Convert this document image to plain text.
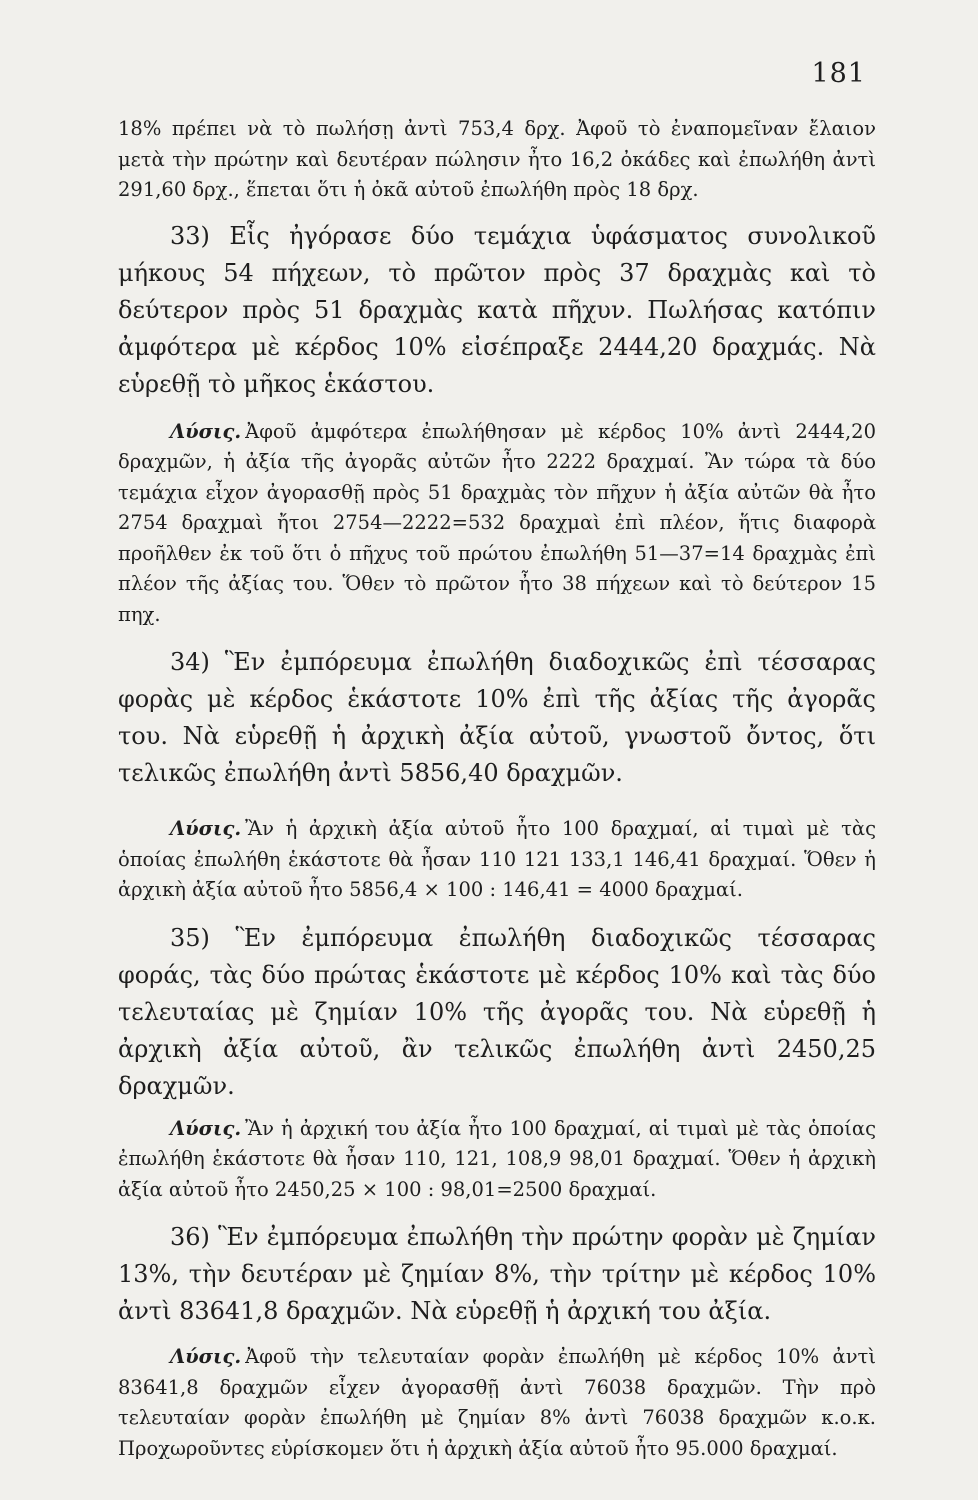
181

18% πρέπει νὰ τὸ πωλήσῃ ἀντὶ 753,4 δρχ. Ἀφοῦ τὸ ἐναπομεῖναν ἔλαιον μετὰ τὴν πρώτην καὶ δευτέραν πώλησιν ἦτο 16,2 ὀκάδες καὶ ἐπωλήθη ἀντὶ 291,60 δρχ., ἕπεται ὅτι ἡ ὀκᾶ αὐτοῦ ἐπωλήθη πρὸς 18 δρχ.

33) Εἷς ἠγόρασε δύο τεμάχια ὑφάσματος συνολικοῦ μήκους 54 πήχεων, τὸ πρῶτον πρὸς 37 δραχμὰς καὶ τὸ δεύτερον πρὸς 51 δραχμὰς κατὰ πῆχυν. Πωλήσας κατόπιν ἀμφότερα μὲ κέρδος 10% εἰσέπραξε 2444,20 δραχμάς. Νὰ εὑρεθῇ τὸ μῆκος ἑκάστου.

Λύσις. Ἀφοῦ ἀμφότερα ἐπωλήθησαν μὲ κέρδος 10% ἀντὶ 2444,20 δραχμῶν, ἡ ἀξία τῆς ἀγορᾶς αὐτῶν ἦτο 2222 δραχμαί. Ἂν τώρα τὰ δύο τεμάχια εἶχον ἀγορασθῇ πρὸς 51 δραχμὰς τὸν πῆχυν ἡ ἀξία αὐτῶν θὰ ἦτο 2754 δραχμαὶ ἤτοι 2754—2222=532 δραχμαὶ ἐπὶ πλέον, ἥτις διαφορὰ προῆλθεν ἐκ τοῦ ὅτι ὁ πῆχυς τοῦ πρώτου ἐπωλήθη 51—37=14 δραχμὰς ἐπὶ πλέον τῆς ἀξίας του. Ὅθεν τὸ πρῶτον ἦτο 38 πήχεων καὶ τὸ δεύτερον 15 πηχ.

34) Ἓν ἐμπόρευμα ἐπωλήθη διαδοχικῶς ἐπὶ τέσσαρας φορὰς μὲ κέρδος ἑκάστοτε 10% ἐπὶ τῆς ἀξίας τῆς ἀγορᾶς του. Νὰ εὑρεθῇ ἡ ἀρχικὴ ἀξία αὐτοῦ, γνωστοῦ ὄντος, ὅτι τελικῶς ἐπωλήθη ἀντὶ 5856,40 δραχμῶν.

Λύσις. Ἂν ἡ ἀρχικὴ ἀξία αὐτοῦ ἦτο 100 δραχμαί, αἱ τιμαὶ μὲ τὰς ὁποίας ἐπωλήθη ἑκάστοτε θὰ ἦσαν 110 121 133,1 146,41 δραχμαί. Ὅθεν ἡ ἀρχικὴ ἀξία αὐτοῦ ἦτο 5856,4 × 100 : 146,41 = 4000 δραχμαί.

35) Ἓν ἐμπόρευμα ἐπωλήθη διαδοχικῶς τέσσαρας φοράς, τὰς δύο πρώτας ἑκάστοτε μὲ κέρδος 10% καὶ τὰς δύο τελευταίας μὲ ζημίαν 10% τῆς ἀγορᾶς του. Νὰ εὑρεθῇ ἡ ἀρχικὴ ἀξία αὐτοῦ, ἂν τελικῶς ἐπωλήθη ἀντὶ 2450,25 δραχμῶν.

Λύσις. Ἂν ἡ ἀρχική του ἀξία ἦτο 100 δραχμαί, αἱ τιμαὶ μὲ τὰς ὁποίας ἐπωλήθη ἑκάστοτε θὰ ἦσαν 110, 121, 108,9 98,01 δραχμαί. Ὅθεν ἡ ἀρχικὴ ἀξία αὐτοῦ ἦτο 2450,25 × 100 : 98,01=2500 δραχμαί.

36) Ἓν ἐμπόρευμα ἐπωλήθη τὴν πρώτην φορὰν μὲ ζημίαν 13%, τὴν δευτέραν μὲ ζημίαν 8%, τὴν τρίτην μὲ κέρδος 10% ἀντὶ 83641,8 δραχμῶν. Νὰ εὑρεθῇ ἡ ἀρχική του ἀξία.

Λύσις. Ἀφοῦ τὴν τελευταίαν φορὰν ἐπωλήθη μὲ κέρδος 10% ἀντὶ 83641,8 δραχμῶν εἶχεν ἀγορασθῇ ἀντὶ 76038 δραχμῶν. Τὴν πρὸ τελευταίαν φορὰν ἐπωλήθη μὲ ζημίαν 8% ἀντὶ 76038 δραχμῶν κ.ο.κ. Προχωροῦντες εὑρίσκομεν ὅτι ἡ ἀρχικὴ ἀξία αὐτοῦ ἦτο 95.000 δραχμαί.
